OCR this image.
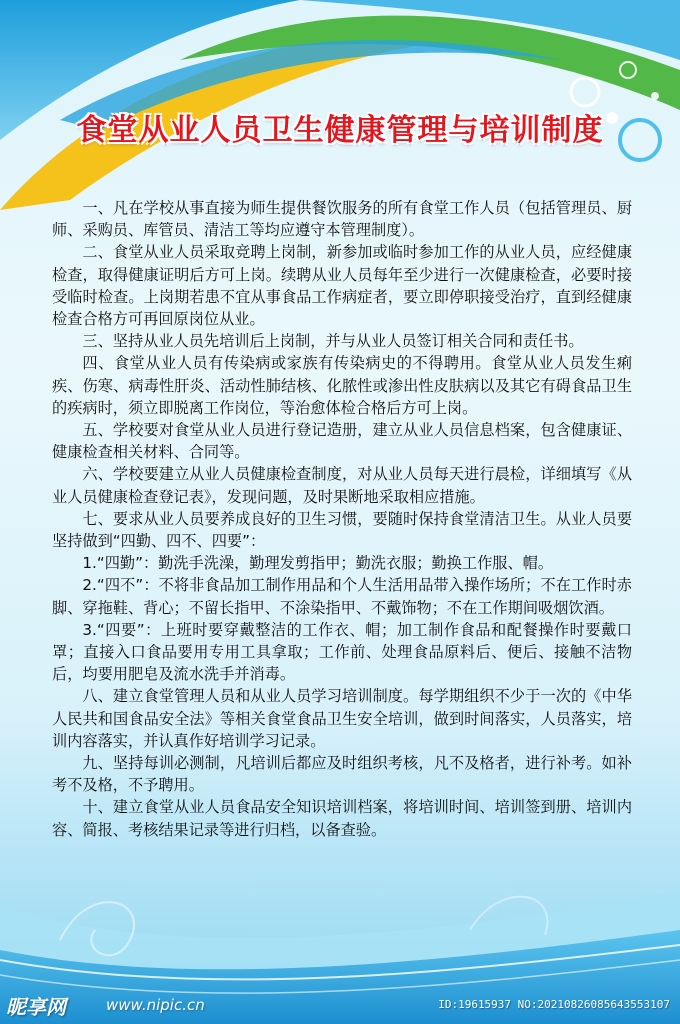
食堂从业人员卫生健康管理与培训制度

一、凡在学校从事直接为师生提供餐饮服务的所有食堂工作人员（包括管理员、厨师、采购员、库管员、清洁工等均应遵守本管理制度）。

二、食堂从业人员采取竞聘上岗制，新参加或临时参加工作的从业人员，应经健康检查，取得健康证明后方可上岗。续聘从业人员每年至少进行一次健康检查，必要时接受临时检查。上岗期若患不宜从事食品工作病症者，要立即停职接受治疗，直到经健康检查合格方可再回原岗位从业。

三、坚持从业人员先培训后上岗制，并与从业人员签订相关合同和责任书。

四、食堂从业人员有传染病或家族有传染病史的不得聘用。食堂从业人员发生痢疾、伤寒、病毒性肝炎、活动性肺结核、化脓性或渗出性皮肤病以及其它有碍食品卫生的疾病时，须立即脱离工作岗位，等治愈体检合格后方可上岗。

五、学校要对食堂从业人员进行登记造册，建立从业人员信息档案，包含健康证、健康检查相关材料、合同等。

六、学校要建立从业人员健康检查制度，对从业人员每天进行晨检，详细填写《从业人员健康检查登记表》，发现问题，及时果断地采取相应措施。

七、要求从业人员要养成良好的卫生习惯，要随时保持食堂清洁卫生。从业人员要坚持做到“四勤、四不、四要”：

1.“四勤”：勤洗手洗澡，勤理发剪指甲；勤洗衣服；勤换工作服、帽。

2.“四不”：不将非食品加工制作用品和个人生活用品带入操作场所；不在工作时赤脚、穿拖鞋、背心；不留长指甲、不涂染指甲、不戴饰物；不在工作期间吸烟饮酒。

3.“四要”：上班时要穿戴整洁的工作衣、帽；加工制作食品和配餐操作时要戴口罩；直接入口食品要用专用工具拿取；工作前、处理食品原料后、便后、接触不洁物后，均要用肥皂及流水洗手并消毒。

八、建立食堂管理人员和从业人员学习培训制度。每学期组织不少于一次的《中华人民共和国食品安全法》等相关食堂食品卫生安全培训，做到时间落实，人员落实，培训内容落实，并认真作好培训学习记录。

九、坚持每训必测制，凡培训后都应及时组织考核，凡不及格者，进行补考。如补考不及格，不予聘用。

十、建立食堂从业人员食品安全知识培训档案，将培训时间、培训签到册、培训内容、简报、考核结果记录等进行归档，以备查验。

昵享网	www.nipic.cn	ID:19615937 NO:20210826085643553107
